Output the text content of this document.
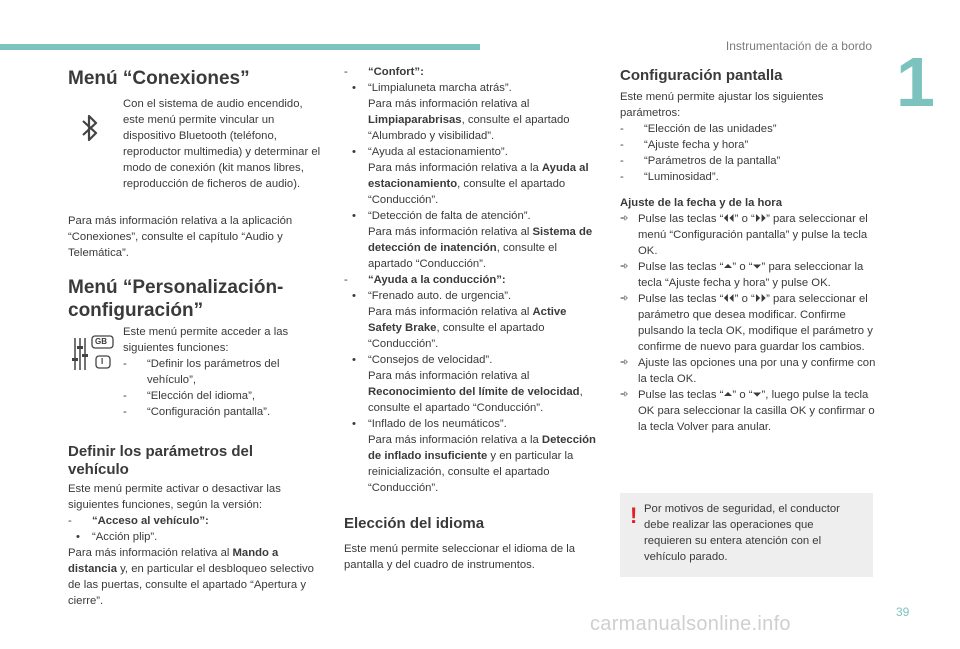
Instrumentación de a bordo 1
39
carmanualsonline.info
Menú “Conexiones”

Con el sistema de audio encendido, este menú permite vincular un dispositivo Bluetooth (teléfono, reproductor multimedia) y determinar el modo de conexión (kit manos libres, reproducción de ficheros de audio).

Para más información relativa a la aplicación “Conexiones”, consulte el capítulo “Audio y Telemática”.

Menú “Personalización-
configuración”
GB
I

Este menú permite acceder a las siguientes funciones:

- “Definir los parámetros del vehículo”,
- “Elección del idioma”,
- “Configuración pantalla”.
Definir los parámetros del
vehículo

Este menú permite activar o desactivar las siguientes funciones, según la versión:

- “Acceso al vehículo”:
• “Acción plip”.

Para más información relativa al Mando a distancia y, en particular el desbloqueo selectivo de las puertas, consulte el apartado “Apertura y cierre”.

- “Confort”:
• “Limpialuneta marcha atrás”.

Para más información relativa al Limpiaparabrisas, consulte el apartado “Alumbrado y visibilidad”.

• “Ayuda al estacionamiento”.

Para más información relativa a la Ayuda al estacionamiento, consulte el apartado “Conducción”.

• “Detección de falta de atención”.

Para más información relativa al Sistema de detección de inatención, consulte el apartado “Conducción”.

- “Ayuda a la conducción”:
• “Frenado auto. de urgencia”.

Para más información relativa al Active Safety Brake, consulte el apartado “Conducción”.

• “Consejos de velocidad”.

Para más información relativa al Reconocimiento del límite de velocidad, consulte el apartado “Conducción”.

• “Inflado de los neumáticos”.

Para más información relativa a la Detección de inflado insuficiente y en particular la reinicialización, consulte el apartado “Conducción”.

Elección del idioma

Este menú permite seleccionar el idioma de la pantalla y del cuadro de instrumentos.

Configuración pantalla

Este menú permite ajustar los siguientes parámetros:

- “Elección de las unidades”
- “Ajuste fecha y hora”
- “Parámetros de la pantalla”
- “Luminosidad”.

Ajuste de la fecha y de la hora

➾ Pulse las teclas “⏴⏴” o “⏵⏵” para seleccionar el menú “Configuración pantalla” y pulse la tecla OK.
➾ Pulse las teclas “⏶” o “⏷” para seleccionar la tecla “Ajuste fecha y hora” y pulse OK.
➾ Pulse las teclas “⏴⏴” o “⏵⏵” para seleccionar el parámetro que desea modificar. Confirme pulsando la tecla OK, modifique el parámetro y confirme de nuevo para guardar los cambios.
➾ Ajuste las opciones una por una y confirme con la tecla OK.
➾ Pulse las teclas “⏶” o “⏷”, luego pulse la tecla OK para seleccionar la casilla OK y confirmar o la tecla Volver para anular.
! Por motivos de seguridad, el conductor debe realizar las operaciones que requieren su entera atención con el vehículo parado.
